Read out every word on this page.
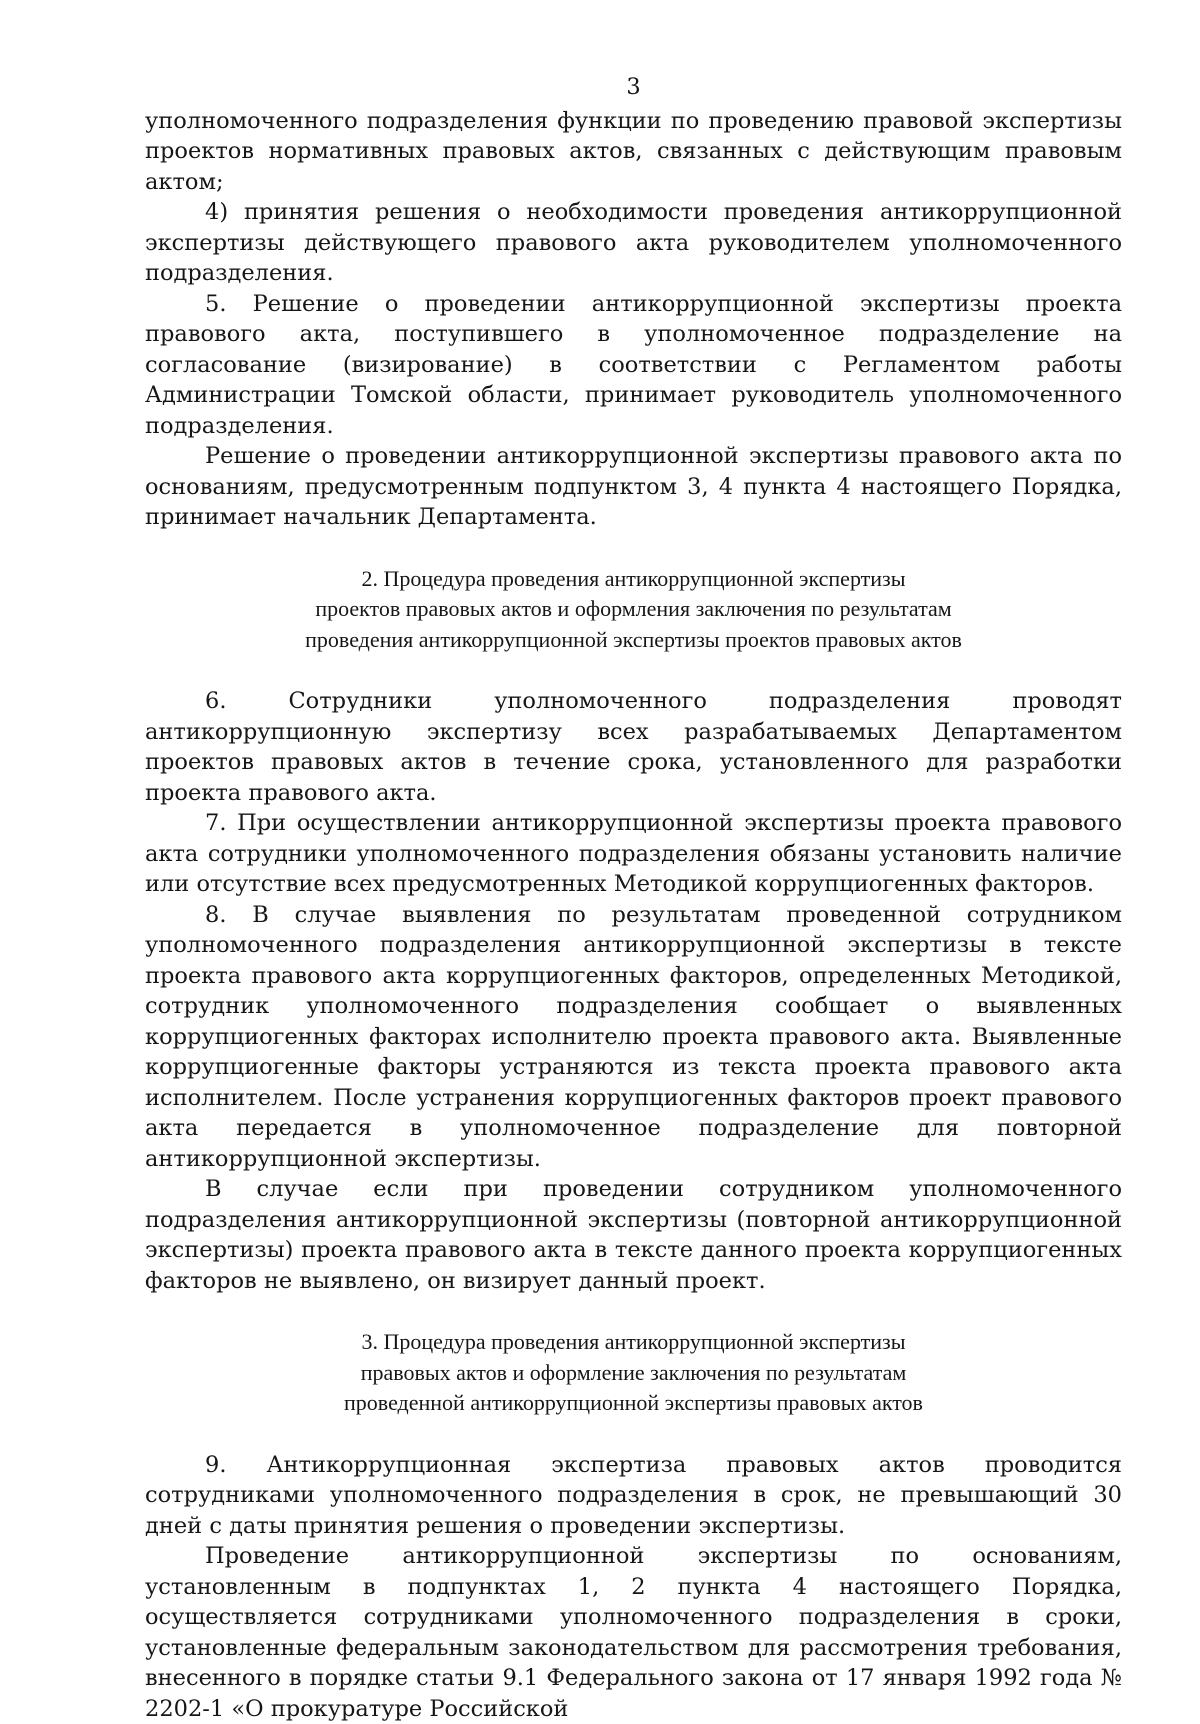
3

уполномоченного подразделения функции по проведению правовой экспертизы проектов нормативных правовых актов, связанных с действующим правовым актом;

4) принятия решения о необходимости проведения антикоррупционной экспертизы действующего правового акта руководителем уполномоченного подразделения.

5. Решение о проведении антикоррупционной экспертизы проекта правового акта, поступившего в уполномоченное подразделение на согласование (визирование) в соответствии с Регламентом работы Администрации Томской области, принимает руководитель уполномоченного подразделения.

Решение о проведении антикоррупционной экспертизы правового акта по основаниям, предусмотренным подпунктом 3, 4 пункта 4 настоящего Порядка, принимает начальник Департамента.

2. Процедура проведения антикоррупционной экспертизы
проектов правовых актов и оформления заключения по результатам
проведения антикоррупционной экспертизы проектов правовых актов

6. Сотрудники уполномоченного подразделения проводят антикоррупционную экспертизу всех разрабатываемых Департаментом проектов правовых актов в течение срока, установленного для разработки проекта правового акта.

7. При осуществлении антикоррупционной экспертизы проекта правового акта сотрудники уполномоченного подразделения обязаны установить наличие или отсутствие всех предусмотренных Методикой коррупциогенных факторов.

8. В случае выявления по результатам проведенной сотрудником уполномоченного подразделения антикоррупционной экспертизы в тексте проекта правового акта коррупциогенных факторов, определенных Методикой, сотрудник уполномоченного подразделения сообщает о выявленных коррупциогенных факторах исполнителю проекта правового акта. Выявленные коррупциогенные факторы устраняются из текста проекта правового акта исполнителем. После устранения коррупциогенных факторов проект правового акта передается в уполномоченное подразделение для повторной антикоррупционной экспертизы.

В случае если при проведении сотрудником уполномоченного подразделения антикоррупционной экспертизы (повторной антикоррупционной экспертизы) проекта правового акта в тексте данного проекта коррупциогенных факторов не выявлено, он визирует данный проект.

3. Процедура проведения антикоррупционной экспертизы
правовых актов и оформление заключения по результатам
проведенной антикоррупционной экспертизы правовых актов

9. Антикоррупционная экспертиза правовых актов проводится сотрудниками уполномоченного подразделения в срок, не превышающий 30 дней с даты принятия решения о проведении экспертизы.

Проведение антикоррупционной экспертизы по основаниям, установленным в подпунктах 1, 2 пункта 4 настоящего Порядка, осуществляется сотрудниками уполномоченного подразделения в сроки, установленные федеральным законодательством для рассмотрения требования, внесенного в порядке статьи 9.1 Федерального закона от 17 января 1992 года № 2202-1 «О прокуратуре Российской
